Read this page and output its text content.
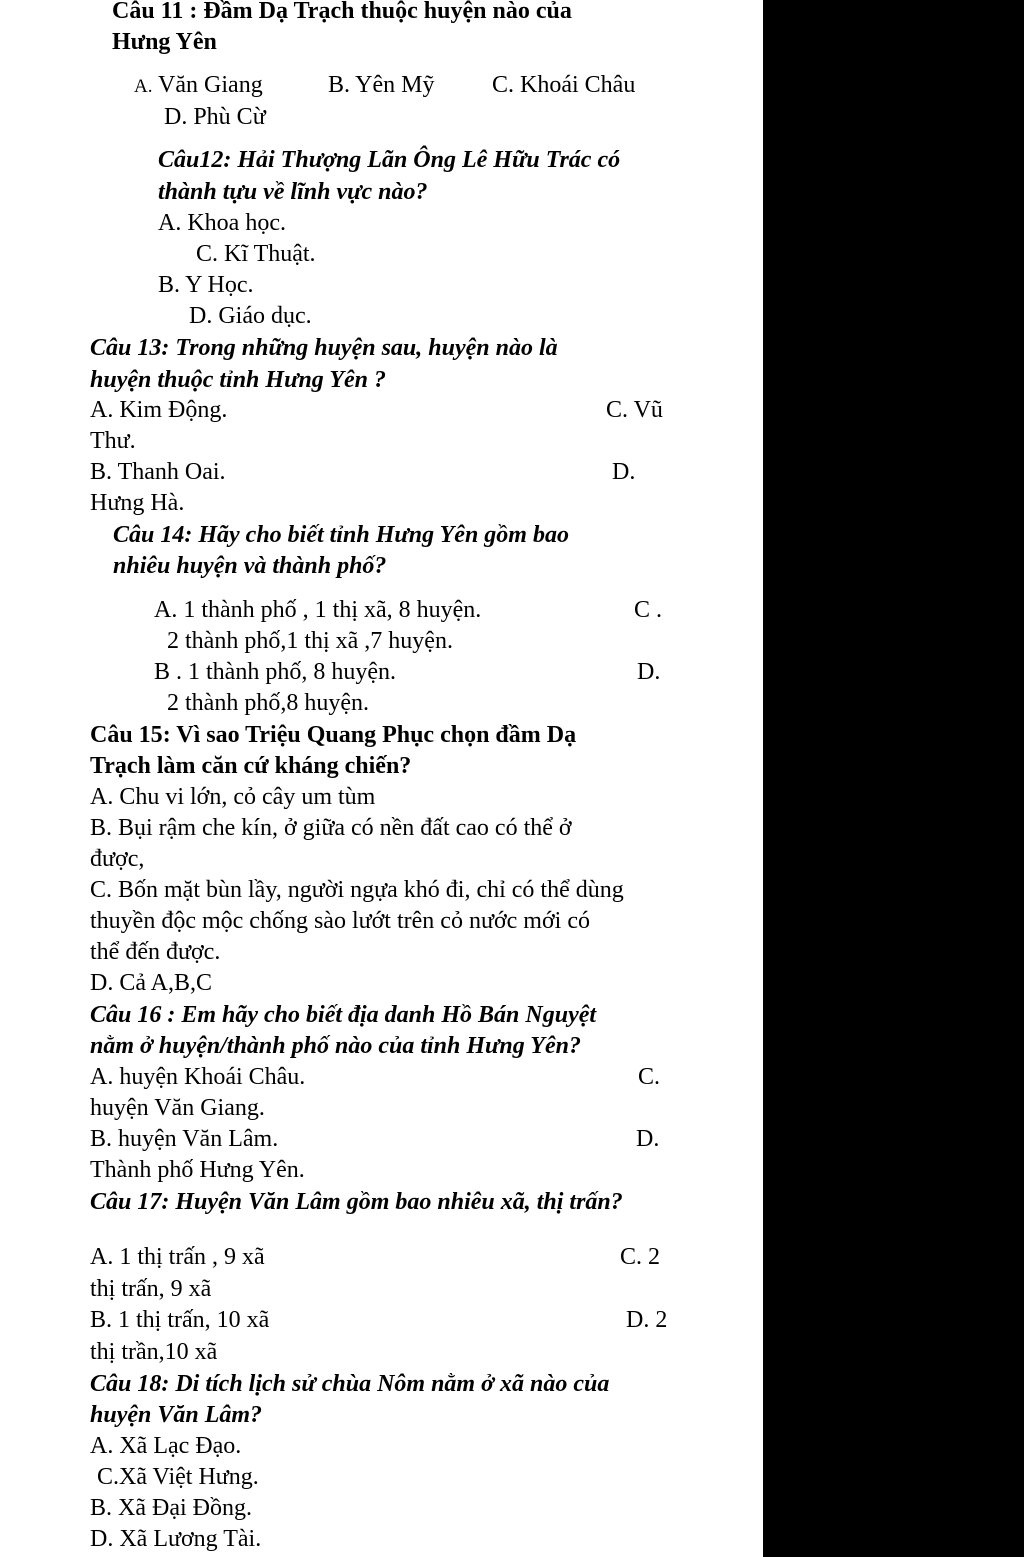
Câu 11 : Đầm Dạ Trạch thuộc huyện nào của
Hưng Yên
A. Văn Giang	B. Yên Mỹ C. Khoái Châu
D. Phù Cừ
Câu12: Hải Thượng Lãn Ông Lê Hữu Trác có
thành tựu về lĩnh vực nào?
A. Khoa học.
C. Kĩ Thuật.
B. Y Học.
D. Giáo dục.
Câu 13: Trong những huyện sau, huyện nào là
huyện thuộc tỉnh Hưng Yên ?
A. Kim Động.	C. Vũ
Thư.
B. Thanh Oai.	D.
Hưng Hà.
Câu 14: Hãy cho biết tỉnh Hưng Yên gồm bao
nhiêu huyện và thành phố?
A. 1 thành phố , 1 thị xã, 8 huyện.	C .
2 thành phố,1 thị xã ,7 huyện.
B . 1 thành phố, 8 huyện.	D.
2 thành phố,8 huyện.
Câu 15: Vì sao Triệu Quang Phục chọn đầm Dạ
Trạch làm căn cứ kháng chiến?
A. Chu vi lớn, cỏ cây um tùm
B. Bụi rậm che kín, ở giữa có nền đất cao có thể ở
được,
C. Bốn mặt bùn lầy, người ngựa khó đi, chỉ có thể dùng
thuyền độc mộc chống sào lướt trên cỏ nước mới có
thể đến được.
D. Cả A,B,C
Câu 16 : Em hãy cho biết địa danh Hồ Bán Nguyệt
nằm ở huyện/thành phố nào của tỉnh Hưng Yên?
A. huyện Khoái Châu.	C.
huyện Văn Giang.
B. huyện Văn Lâm.	D.
Thành phố Hưng Yên.
Câu 17: Huyện Văn Lâm gồm bao nhiêu xã, thị trấn?
A. 1 thị trấn , 9 xã	C. 2
thị trấn, 9 xã
B. 1 thị trấn, 10 xã	D. 2
thị trần,10 xã
Câu 18: Di tích lịch sử chùa Nôm nằm ở xã nào của
huyện Văn Lâm?
A. Xã Lạc Đạo.
C.Xã Việt Hưng.
B. Xã Đại Đồng.
D. Xã Lương Tài.
